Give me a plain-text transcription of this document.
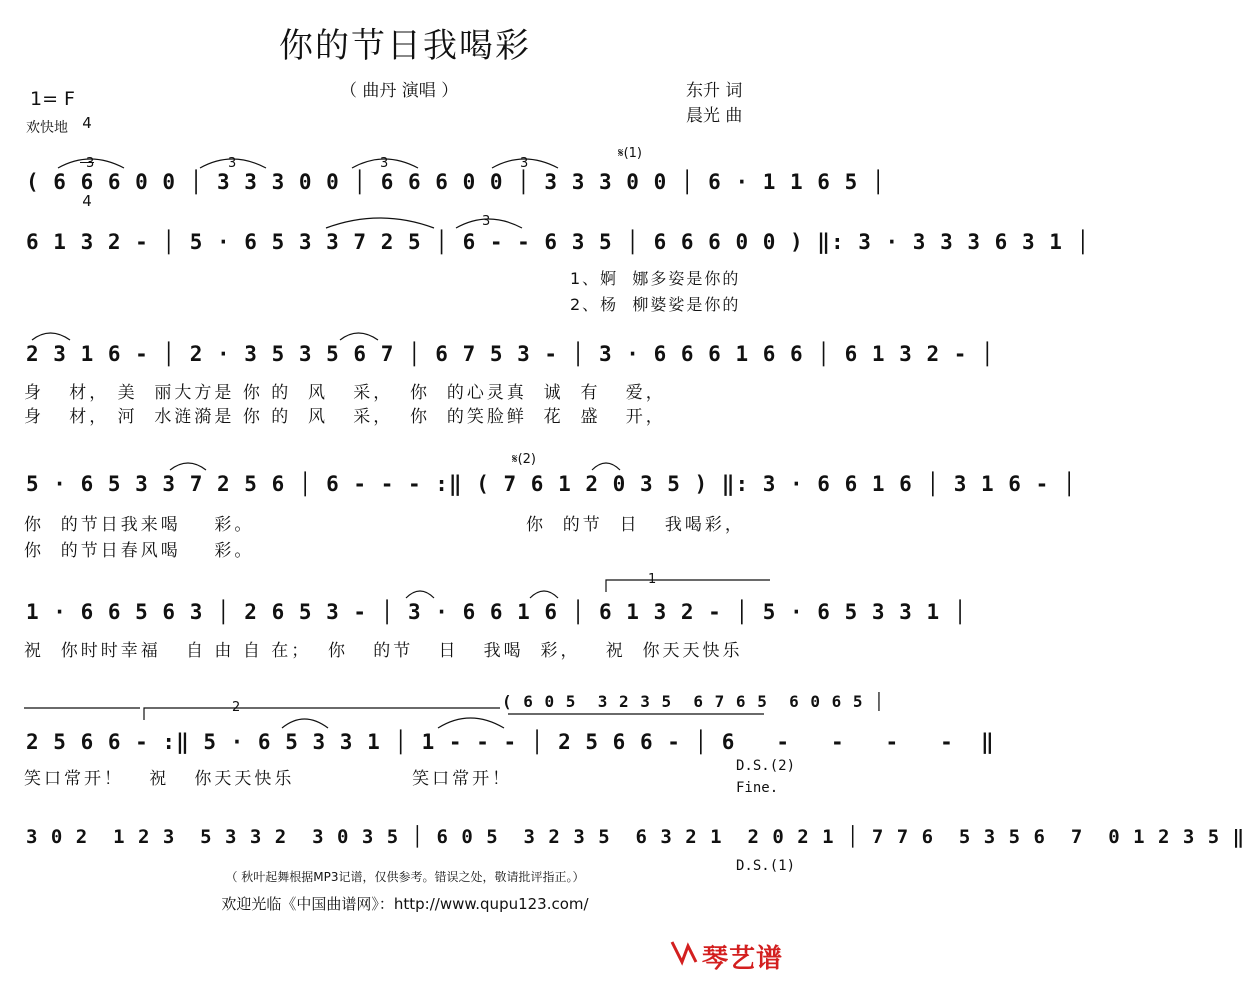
你的节日我喝彩
（ 曲丹 演唱 ）	东升 词
晨光 曲
1= F

4

4

欢快地
𝄋(1)
3	3	3	3
( 6 6 6 0 0 │ 3 3 3 0 0 │ 6 6 6 0 0 │ 3 3 3 0 0 │ 6 · 1 1 6 5 │
3
6 1 3 2 - │ 5 · 6 5 3 3 7 2 5 │ 6 - - 6 3 5 │ 6 6 6 0 0 ) ‖: 3 · 3 3 3 6 3 1 │
1、婀  娜多姿是你的
2、杨  柳婆娑是你的
2 3 1 6 - │ 2 · 3 5 3 5 6 7 │ 6 7 5 3 - │ 3 · 6 6 6 1 6 6 │ 6 1 3 2 - │
身   材， 美  丽大方是 你 的  风   采，  你  的心灵真  诚  有   爱，
身   材， 河  水涟漪是 你 的  风   采，  你  的笑脸鲜  花  盛   开，
𝄋(2)
5 · 6 5 3 3 7 2 5 6 │ 6 - - - :‖ ( 7 6 1 2 0 3 5 ) ‖: 3 · 6 6 1 6 │ 3 1 6 - │
你  的节日我来喝    彩。
你  的节日春风喝    彩。
你  的节  日   我喝彩，
1
1 · 6 6 5 6 3 │ 2 6 5 3 - │ 3 · 6 6 1 6 │ 6 1 3 2 - │ 5 · 6 5 3 3 1 │
祝  你时时幸福   自 由 自 在；  你   的节   日   我喝  彩，   祝  你天天快乐
2	( 6 0 5  3 2 3 5  6 7 6 5  6 0 6 5 │
2 5 6 6 - :‖ 5 · 6 5 3 3 1 │ 1 - - - │ 2 5 6 6 - │ 6   -   -   -   -  ‖
笑口常开！   祝   你天天快乐              笑口常开！
D.S.(2)
Fine.
3 0 2  1 2 3  5 3 3 2  3 0 3 5 │ 6 0 5  3 2 3 5  6 3 2 1  2 0 2 1 │ 7 7 6  5 3 5 6  7  0 1 2 3 5 ‖
D.S.(1)
（ 秋叶起舞根据MP3记谱，仅供参考。错误之处，敬请批评指正。）
欢迎光临《中国曲谱网》：http://www.qupu123.com/
琴艺谱
